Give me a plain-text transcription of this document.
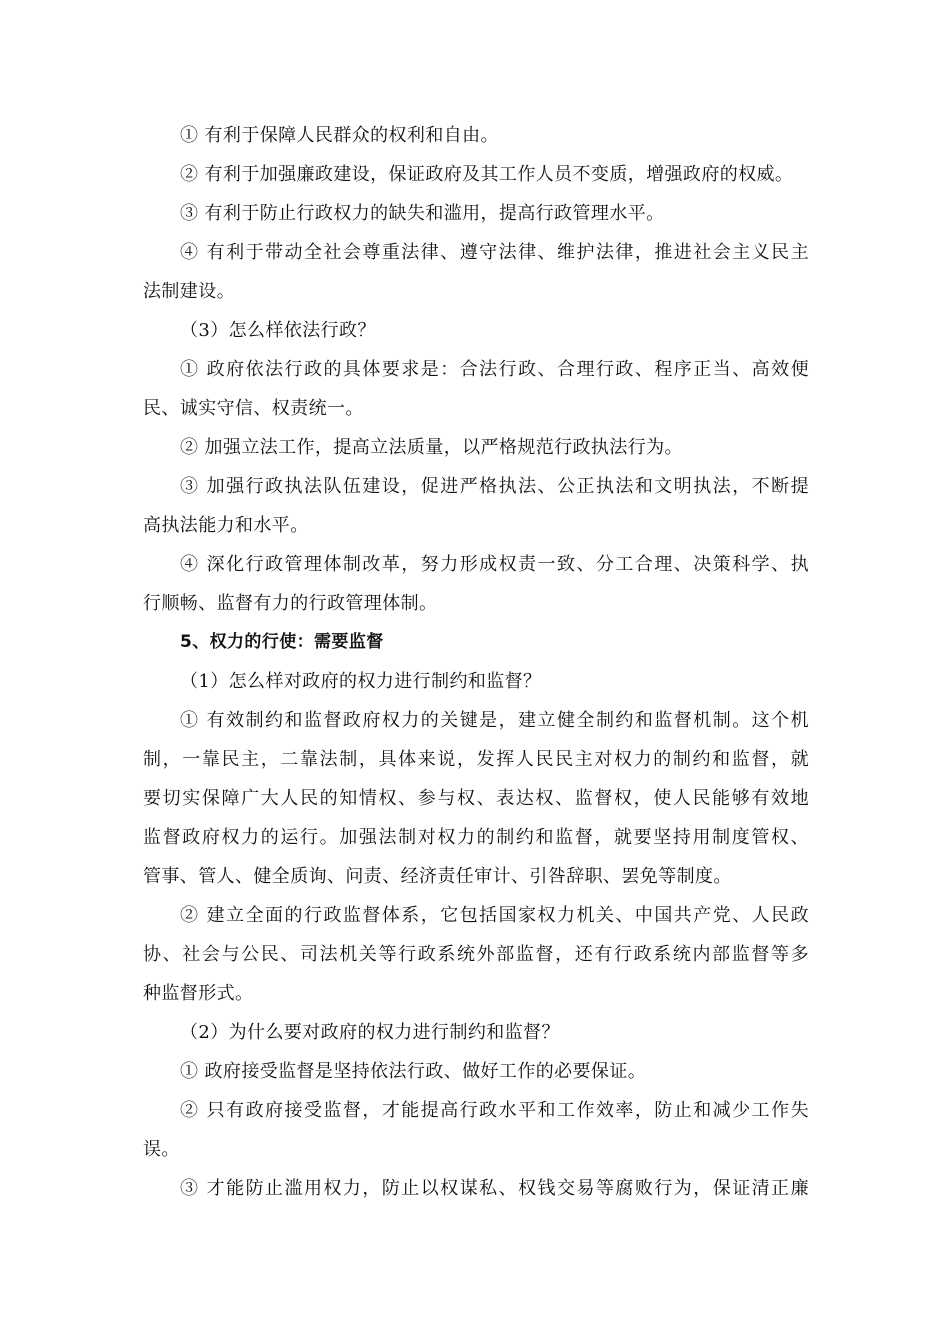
① 有利于保障人民群众的权利和自由。
② 有利于加强廉政建设，保证政府及其工作人员不变质，增强政府的权威。
③ 有利于防止行政权力的缺失和滥用，提高行政管理水平。
④ 有利于带动全社会尊重法律、遵守法律、维护法律，推进社会主义民主
法制建设。
（3）怎么样依法行政？
① 政府依法行政的具体要求是：合法行政、合理行政、程序正当、高效便
民、诚实守信、权责统一。
② 加强立法工作，提高立法质量，以严格规范行政执法行为。
③ 加强行政执法队伍建设，促进严格执法、公正执法和文明执法，不断提
高执法能力和水平。
④ 深化行政管理体制改革，努力形成权责一致、分工合理、决策科学、执
行顺畅、监督有力的行政管理体制。
5、权力的行使：需要监督
（1）怎么样对政府的权力进行制约和监督？
① 有效制约和监督政府权力的关键是，建立健全制约和监督机制。这个机
制，一靠民主，二靠法制，具体来说，发挥人民民主对权力的制约和监督，就
要切实保障广大人民的知情权、参与权、表达权、监督权，使人民能够有效地
监督政府权力的运行。加强法制对权力的制约和监督，就要坚持用制度管权、
管事、管人、健全质询、问责、经济责任审计、引咎辞职、罢免等制度。
② 建立全面的行政监督体系，它包括国家权力机关、中国共产党、人民政
协、社会与公民、司法机关等行政系统外部监督，还有行政系统内部监督等多
种监督形式。
（2）为什么要对政府的权力进行制约和监督？
① 政府接受监督是坚持依法行政、做好工作的必要保证。
② 只有政府接受监督，才能提高行政水平和工作效率，防止和减少工作失
误。
③ 才能防止滥用权力，防止以权谋私、权钱交易等腐败行为，保证清正廉
